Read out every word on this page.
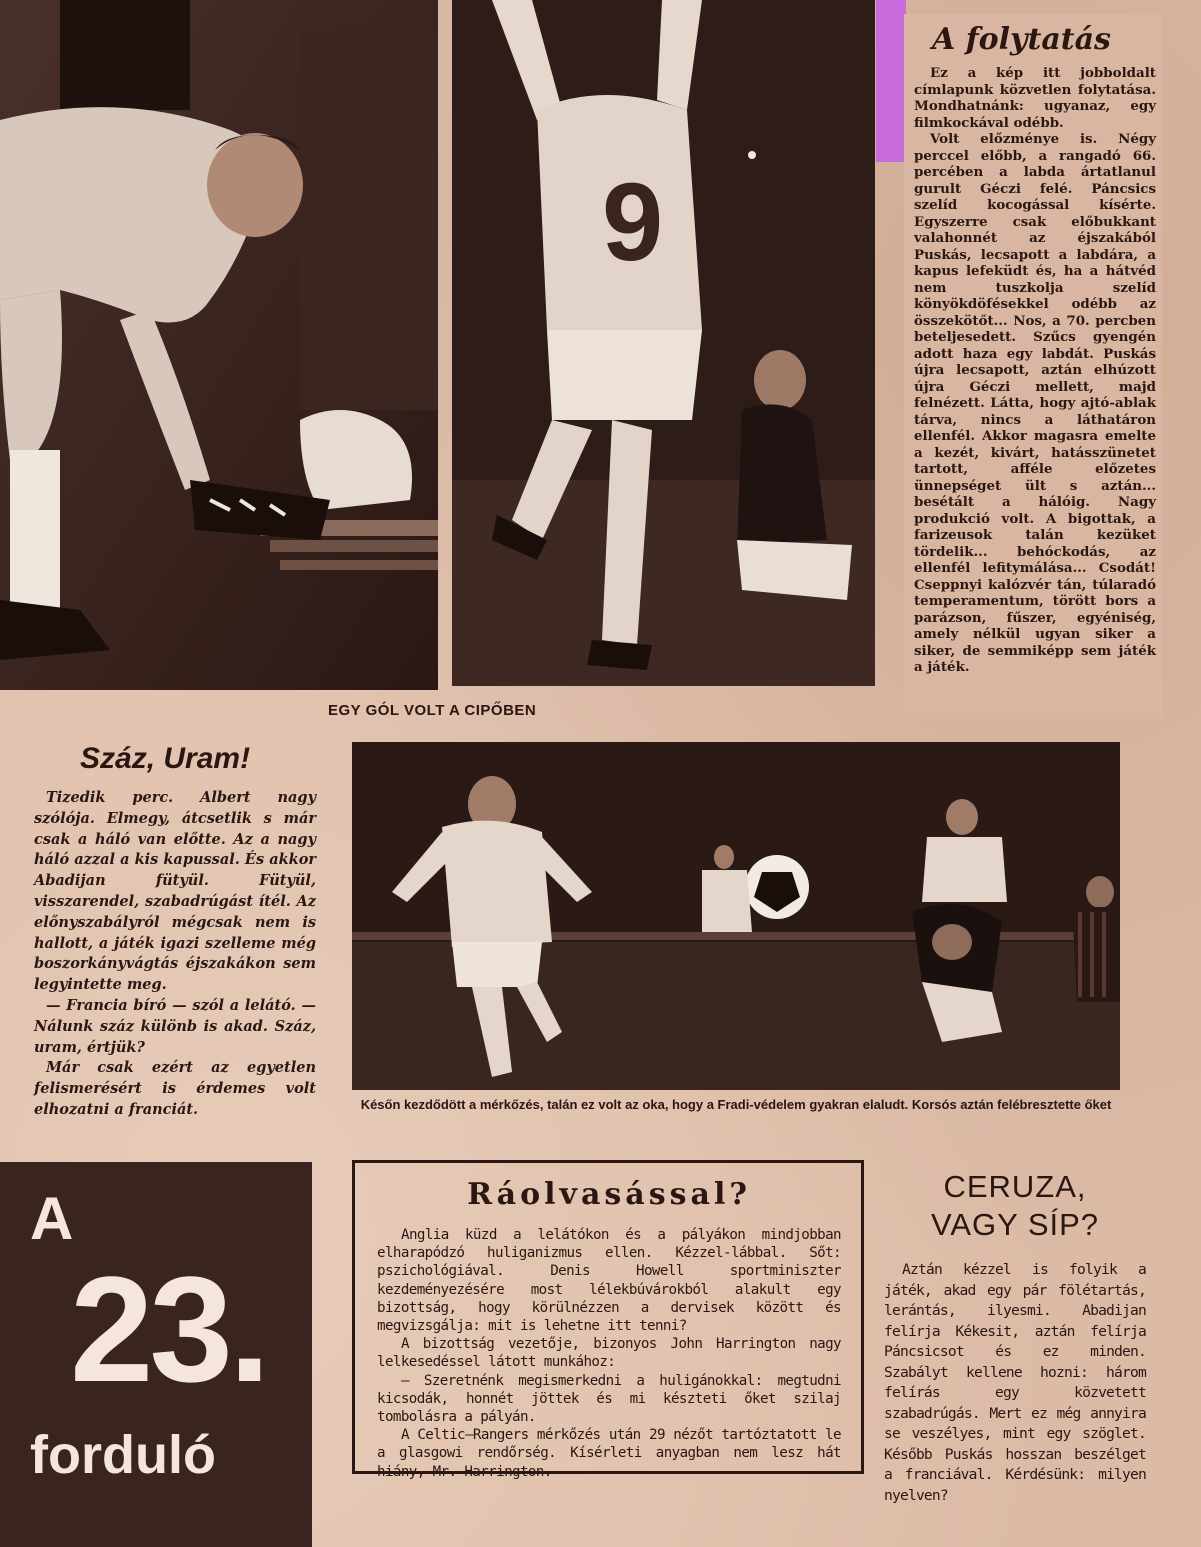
9
EGY GÓL VOLT A CIPŐBEN
A folytatás

Ez a kép itt jobboldalt címlapunk közvetlen folytatása. Mondhatnánk: ugyanaz, egy filmkockával odébb.

Volt előzménye is. Négy perccel előbb, a rangadó 66. percében a labda ártatlanul gurult Géczi felé. Páncsics szelíd kocogással kísérte. Egyszerre csak előbukkant valahonnét az éjszakából Puskás, lecsapott a labdára, a kapus lefeküdt és, ha a hátvéd nem tuszkolja szelíd könyökdöfésekkel odébb az összekötőt... Nos, a 70. percben beteljesedett. Szűcs gyengén adott haza egy labdát. Puskás újra lecsapott, aztán elhúzott újra Géczi mellett, majd felnézett. Látta, hogy ajtó-ablak tárva, nincs a láthatáron ellenfél. Akkor magasra emelte a kezét, kivárt, hatásszünetet tartott, afféle előzetes ünnepséget ült s aztán... besétált a hálóig. Nagy produkció volt. A bigottak, a farizeusok talán kezüket tördelik... behóckodás, az ellenfél lefitymálása... Csodát! Cseppnyi kalózvér tán, túlaradó temperamentum, törött bors a parázson, fűszer, egyéniség, amely nélkül ugyan siker a siker, de semmiképp sem játék a játék.

Száz, Uram!

Tizedik perc. Albert nagy szólója. Elmegy, átcsetlik s már csak a háló van előtte. Az a nagy háló azzal a kis kapussal. És akkor Abadijan fütyül. Fütyül, visszarendel, szabadrúgást ítél. Az előnyszabályról mégcsak nem is hallott, a játék igazi szelleme még boszorkányvágtás éjszakákon sem legyintette meg.

— Francia bíró — szól a lelátó. — Nálunk száz különb is akad. Száz, uram, értjük?

Már csak ezért az egyetlen felismerésért is érdemes volt elhozatni a franciát.	Későn kezdődött a mérkőzés, talán ez volt az oka, hogy a Fradi-védelem gyakran elaludt. Korsós aztán felébresztette őket
A
23.
forduló
Ráolvasással?

Anglia küzd a lelátókon és a pályákon mindjobban elharapódzó huliganizmus ellen. Kézzel-lábbal. Sőt: pszichológiával. Denis Howell sportminiszter kezdeményezésére most lélekbúvárokból alakult egy bizottság, hogy körülnézzen a dervisek között és megvizsgálja: mit is lehetne itt tenni?

A bizottság vezetője, bizonyos John Harrington nagy lelkesedéssel látott munkához:

— Szeretnénk megismerkedni a huligánokkal: megtudni kicsodák, honnét jöttek és mi készteti őket szilaj tombolásra a pályán.

A Celtic—Rangers mérkőzés után 29 nézőt tartóztatott le a glasgowi rendőrség. Kísérleti anyagban nem lesz hát hiány, Mr. Harrington.

CERUZA,
VAGY SÍP?

Aztán kézzel is folyik a játék, akad egy pár fölétartás, lerántás, ilyesmi. Abadijan felírja Kékesit, aztán felírja Páncsicsot és ez minden. Szabályt kellene hozni: három felírás egy közvetett szabadrúgás. Mert ez még annyira se veszélyes, mint egy szöglet. Később Puskás hosszan beszélget a franciával. Kérdésünk: milyen nyelven?
